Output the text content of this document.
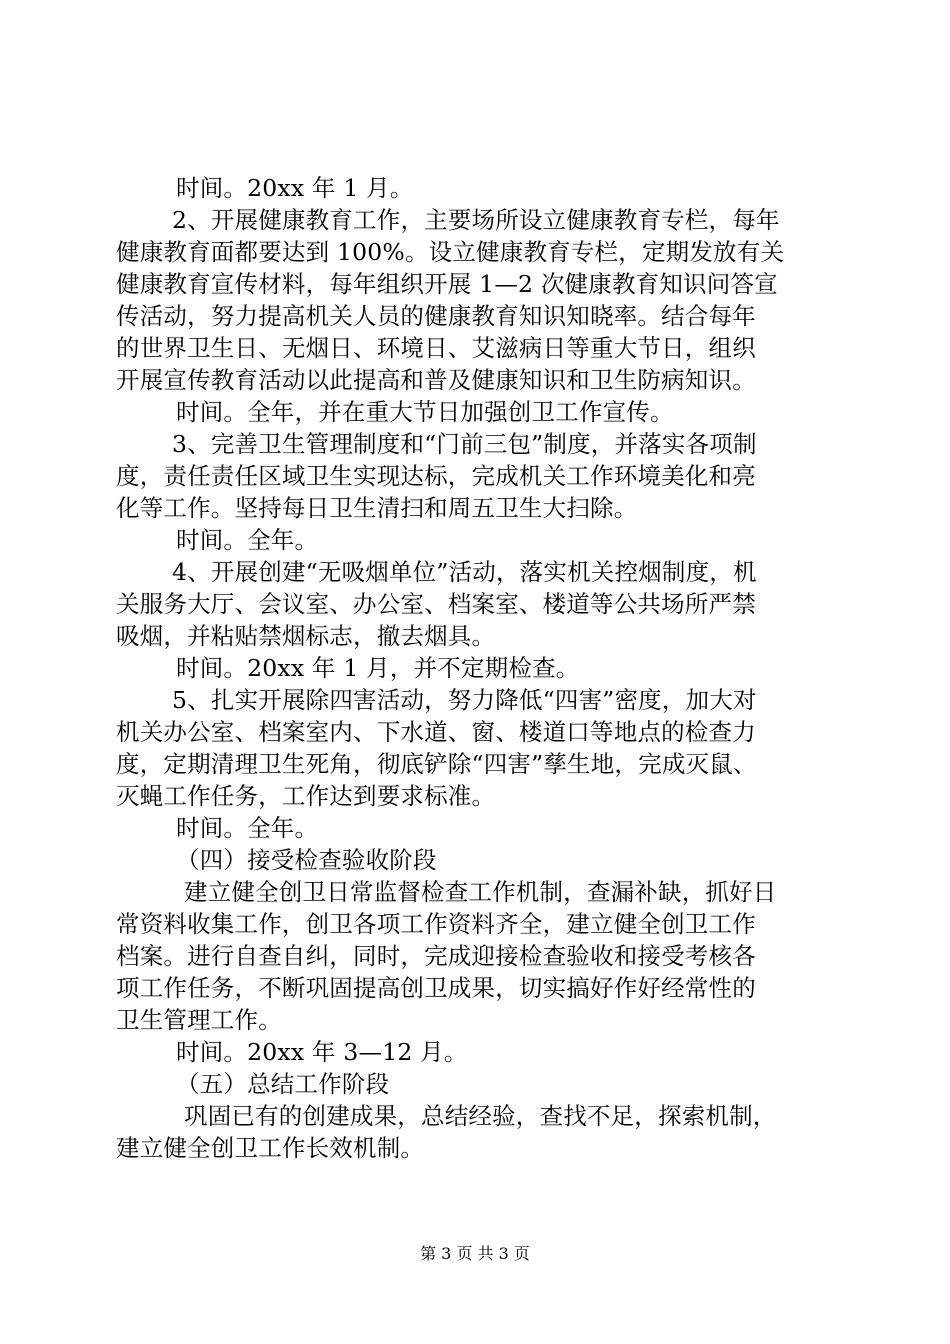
时间。20xx 年 1 月。
2、开展健康教育工作，主要场所设立健康教育专栏，每年
健康教育面都要达到 100%。设立健康教育专栏，定期发放有关
健康教育宣传材料，每年组织开展 1—2 次健康教育知识问答宣
传活动，努力提高机关人员的健康教育知识知晓率。结合每年
的世界卫生日、无烟日、环境日、艾滋病日等重大节日，组织
开展宣传教育活动以此提高和普及健康知识和卫生防病知识。
时间。全年，并在重大节日加强创卫工作宣传。
3、完善卫生管理制度和“门前三包”制度，并落实各项制
度，责任责任区域卫生实现达标，完成机关工作环境美化和亮
化等工作。坚持每日卫生清扫和周五卫生大扫除。
时间。全年。
4、开展创建“无吸烟单位”活动，落实机关控烟制度，机
关服务大厅、会议室、办公室、档案室、楼道等公共场所严禁
吸烟，并粘贴禁烟标志，撤去烟具。
时间。20xx 年 1 月，并不定期检查。
5、扎实开展除四害活动，努力降低“四害”密度，加大对
机关办公室、档案室内、下水道、窗、楼道口等地点的检查力
度，定期清理卫生死角，彻底铲除“四害”孳生地，完成灭鼠、
灭蝇工作任务，工作达到要求标准。
时间。全年。
（四）接受检查验收阶段
建立健全创卫日常监督检查工作机制，查漏补缺，抓好日
常资料收集工作，创卫各项工作资料齐全，建立健全创卫工作
档案。进行自查自纠，同时，完成迎接检查验收和接受考核各
项工作任务，不断巩固提高创卫成果，切实搞好作好经常性的
卫生管理工作。
时间。20xx 年 3—12 月。
（五）总结工作阶段
巩固已有的创建成果，总结经验，查找不足，探索机制，
建立健全创卫工作长效机制。
第 3 页 共 3 页
